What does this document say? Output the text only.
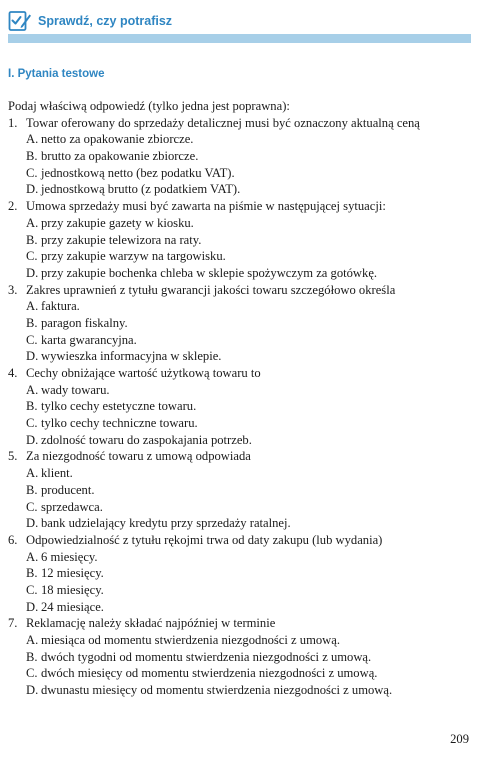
Sprawdź, czy potrafisz
I. Pytania testowe
Podaj właściwą odpowiedź (tylko jedna jest poprawna):
1. Towar oferowany do sprzedaży detalicznej musi być oznaczony aktualną ceną
A. netto za opakowanie zbiorcze.
B. brutto za opakowanie zbiorcze.
C. jednostkową netto (bez podatku VAT).
D. jednostkową brutto (z podatkiem VAT).
2. Umowa sprzedaży musi być zawarta na piśmie w następującej sytuacji:
A. przy zakupie gazety w kiosku.
B. przy zakupie telewizora na raty.
C. przy zakupie warzyw na targowisku.
D. przy zakupie bochenka chleba w sklepie spożywczym za gotówkę.
3. Zakres uprawnień z tytułu gwarancji jakości towaru szczegółowo określa
A. faktura.
B. paragon fiskalny.
C. karta gwarancyjna.
D. wywieszka informacyjna w sklepie.
4. Cechy obniżające wartość użytkową towaru to
A. wady towaru.
B. tylko cechy estetyczne towaru.
C. tylko cechy techniczne towaru.
D. zdolność towaru do zaspokajania potrzeb.
5. Za niezgodność towaru z umową odpowiada
A. klient.
B. producent.
C. sprzedawca.
D. bank udzielający kredytu przy sprzedaży ratalnej.
6. Odpowiedzialność z tytułu rękojmi trwa od daty zakupu (lub wydania)
A. 6 miesięcy.
B. 12 miesięcy.
C. 18 miesięcy.
D. 24 miesiące.
7. Reklamację należy składać najpóźniej w terminie
A. miesiąca od momentu stwierdzenia niezgodności z umową.
B. dwóch tygodni od momentu stwierdzenia niezgodności z umową.
C. dwóch miesięcy od momentu stwierdzenia niezgodności z umową.
D. dwunastu miesięcy od momentu stwierdzenia niezgodności z umową.
209
